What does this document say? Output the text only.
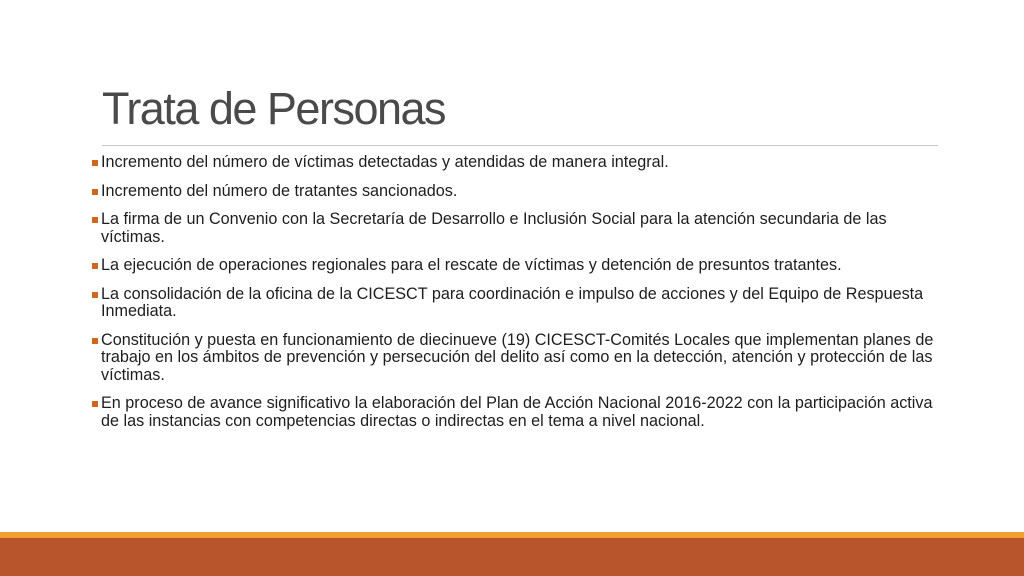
Trata de Personas
Incremento del número de víctimas detectadas y atendidas de manera integral.
Incremento del número de tratantes sancionados.
La firma de un Convenio con la Secretaría de Desarrollo e Inclusión Social para la atención secundaria de las víctimas.
La ejecución de operaciones regionales para el rescate de víctimas y detención de presuntos tratantes.
La consolidación de la oficina de la CICESCT para coordinación e impulso de acciones y del Equipo de Respuesta Inmediata.
Constitución y puesta en funcionamiento de diecinueve (19) CICESCT-Comités Locales que implementan planes de trabajo en los ámbitos de prevención y persecución del delito así como en la detección, atención y protección de las víctimas.
En proceso de avance significativo la elaboración del Plan de Acción Nacional 2016-2022 con la participación activa de las instancias con competencias directas o indirectas en el tema a nivel nacional.
